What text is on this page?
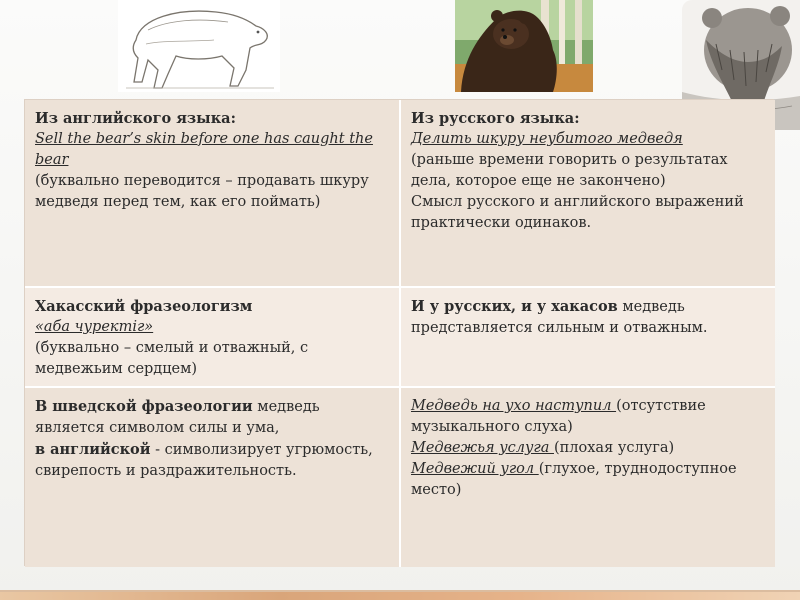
Из английского языка:

Sell the bear’s skin before one has caught the bear

(буквально переводится – продавать шкуру медведя перед тем, как его поймать)

Из русского языка:

Делить шкуру неубитого медведя

(раньше времени говорить о результатах дела, которое еще не закончено)

Смысл русского и английского выражений практически одинаков.

Хакасский фразеологизм

«аба чуректiг»

(буквально – смелый и отважный, с медвежьим сердцем)

И у русских, и у хакасов медведь представляется сильным и отважным.

В шведской фразеологии медведь является символом силы и ума,

в английской - символизирует угрюмость, свирепость и раздражительность.

Медведь на ухо наступил (отсутствие музыкального слуха)

Медвежья услуга (плохая услуга)

Медвежий угол (глухое, труднодоступное место)
